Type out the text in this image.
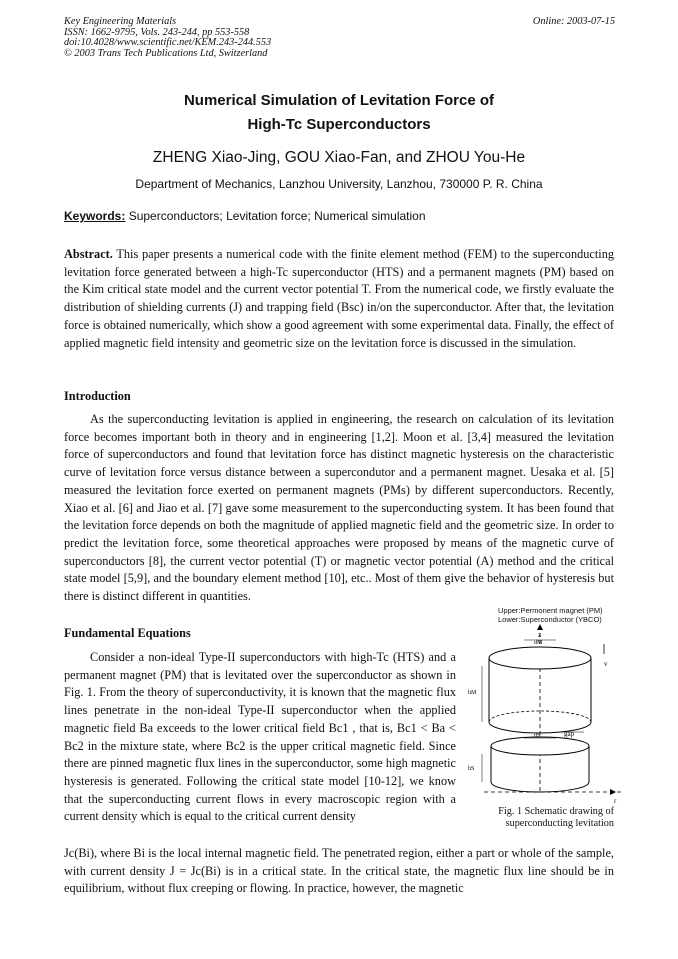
Key Engineering Materials
ISSN: 1662-9795, Vols. 243-244, pp 553-558
doi:10.4028/www.scientific.net/KEM.243-244.553
© 2003 Trans Tech Publications Ltd, Switzerland
Online: 2003-07-15
Numerical Simulation of Levitation Force of
High-Tc Superconductors
ZHENG Xiao-Jing, GOU Xiao-Fan, and ZHOU You-He
Department of Mechanics, Lanzhou University, Lanzhou, 730000 P. R. China
Keywords: Superconductors; Levitation force; Numerical simulation
Abstract. This paper presents a numerical code with the finite element method (FEM) to the superconducting levitation force generated between a high-Tc superconductor (HTS) and a permanent magnets (PM) based on the Kim critical state model and the current vector potential T. From the numerical code, we firstly evaluate the distribution of shielding currents (J) and trapping field (Bsc) in/on the superconductor. After that, the levitation force is obtained numerically, which show a good agreement with some experimental data. Finally, the effect of applied magnetic field intensity and geometric size on the levitation force is discussed in the simulation.
Introduction
As the superconducting levitation is applied in engineering, the research on calculation of its levitation force becomes important both in theory and in engineering [1,2]. Moon et al. [3,4] measured the levitation force of superconductors and found that levitation force has distinct magnetic hysteresis on the characteristic curve of levitation force versus distance between a supercondutor and a permanent magnet. Uesaka et al. [5] measured the levitation force exerted on permanent magnets (PMs) by different superconductors. Recently, Xiao et al. [6] and Jiao et al. [7] gave some measurement to the superconducting system. It has been found that the levitation force depends on both the magnitude of applied magnetic field and the geometric size. In order to predict the levitation force, some theoretical approaches were proposed by means of the magnetic curve of superconductors [8], the current vector potential (T) or magnetic vector potential (A) method and the critical state model [5,9], and the boundary element method [10], etc.. Most of them give the behavior of hysteresis but there is distinct different in quantities.
Fundamental Equations
Consider a non-ideal Type-II superconductors with high-Tc (HTS) and a permanent magnet (PM) that is levitated over the superconductor as shown in Fig. 1. From the theory of superconductivity, it is known that the magnetic flux lines penetrate in the non-ideal Type-II superconductor when the applied magnetic field Ba exceeds to the lower critical field Bc1 , that is, Bc1 < Ba < Bc2 in the mixture state, where Bc2 is the upper critical magnetic field. Since there are pinned magnetic flux lines in the superconductor, some high magnetic hysteresis is generated. Following the critical state model [10-12], we know that the superconducting current flows in every macroscopic region with a current density which is equal to the critical current density
Jc(Bi), where Bi is the local internal magnetic field. The penetrated region, either a part or whole of the sample, with current density J = Jc(Bi) is in a critical state. In the critical state, the magnetic flux line should be in equilibrium, without flux creeping or flowing. In practice, however, the magnetic
Upper:Permonent magnet (PM)
Lower:Superconductor (YBCO)
z
v
dM
hM
dS	gap
hS
r
Fig. 1 Schematic drawing of superconducting levitation
